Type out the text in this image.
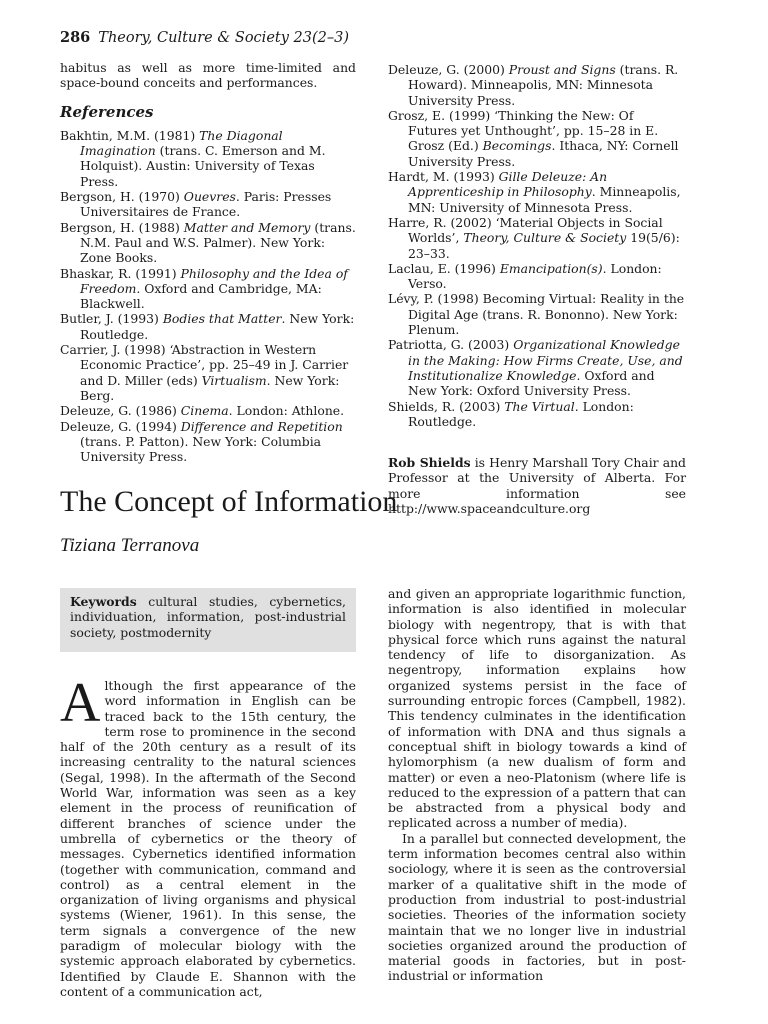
286 Theory, Culture & Society 23(2–3)

habitus as well as more time-limited and space-bound conceits and performances.

References

Bakhtin, M.M. (1981) The Diagonal Imagination (trans. C. Emerson and M. Holquist). Austin: University of Texas Press.

Bergson, H. (1970) Ouevres. Paris: Presses Universitaires de France.

Bergson, H. (1988) Matter and Memory (trans. N.M. Paul and W.S. Palmer). New York: Zone Books.

Bhaskar, R. (1991) Philosophy and the Idea of Freedom. Oxford and Cambridge, MA: Blackwell.

Butler, J. (1993) Bodies that Matter. New York: Routledge.

Carrier, J. (1998) ‘Abstraction in Western Economic Practice’, pp. 25–49 in J. Carrier and D. Miller (eds) Virtualism. New York: Berg.

Deleuze, G. (1986) Cinema. London: Athlone.

Deleuze, G. (1994) Difference and Repetition (trans. P. Patton). New York: Columbia University Press.

Deleuze, G. (2000) Proust and Signs (trans. R. Howard). Minneapolis, MN: Minnesota University Press.

Grosz, E. (1999) ‘Thinking the New: Of Futures yet Unthought’, pp. 15–28 in E. Grosz (Ed.) Becomings. Ithaca, NY: Cornell University Press.

Hardt, M. (1993) Gille Deleuze: An Apprenticeship in Philosophy. Minneapolis, MN: University of Minnesota Press.

Harre, R. (2002) ‘Material Objects in Social Worlds’, Theory, Culture & Society 19(5/6): 23–33.

Laclau, E. (1996) Emancipation(s). London: Verso.

Lévy, P. (1998) Becoming Virtual: Reality in the Digital Age (trans. R. Bononno). New York: Plenum.

Patriotta, G. (2003) Organizational Knowledge in the Making: How Firms Create, Use, and Institutionalize Knowledge. Oxford and New York: Oxford University Press.

Shields, R. (2003) The Virtual. London: Routledge.

Rob Shields is Henry Marshall Tory Chair and Professor at the University of Alberta. For more information see http://www.spaceandculture.org

The Concept of Information
Tiziana Terranova
Keywords cultural studies, cybernetics, individuation, information, post-industrial society, postmodernity

Although the first appearance of the word information in English can be traced back to the 15th century, the term rose to prominence in the second half of the 20th century as a result of its increasing centrality to the natural sciences (Segal, 1998). In the aftermath of the Second World War, information was seen as a key element in the process of reunification of different branches of science under the umbrella of cybernetics or the theory of messages. Cybernetics identified information (together with communication, command and control) as a central element in the organization of living organisms and physical systems (Wiener, 1961). In this sense, the term signals a convergence of the new paradigm of molecular biology with the systemic approach elaborated by cybernetics. Identified by Claude E. Shannon with the content of a communication act,

and given an appropriate logarithmic function, information is also identified in molecular biology with negentropy, that is with that physical force which runs against the natural tendency of life to disorganization. As negentropy, information explains how organized systems persist in the face of surrounding entropic forces (Campbell, 1982). This tendency culminates in the identification of information with DNA and thus signals a conceptual shift in biology towards a kind of hylomorphism (a new dualism of form and matter) or even a neo-Platonism (where life is reduced to the expression of a pattern that can be abstracted from a physical body and replicated across a number of media).

In a parallel but connected development, the term information becomes central also within sociology, where it is seen as the controversial marker of a qualitative shift in the mode of production from industrial to post-industrial societies. Theories of the information society maintain that we no longer live in industrial societies organized around the production of material goods in factories, but in post-industrial or information
